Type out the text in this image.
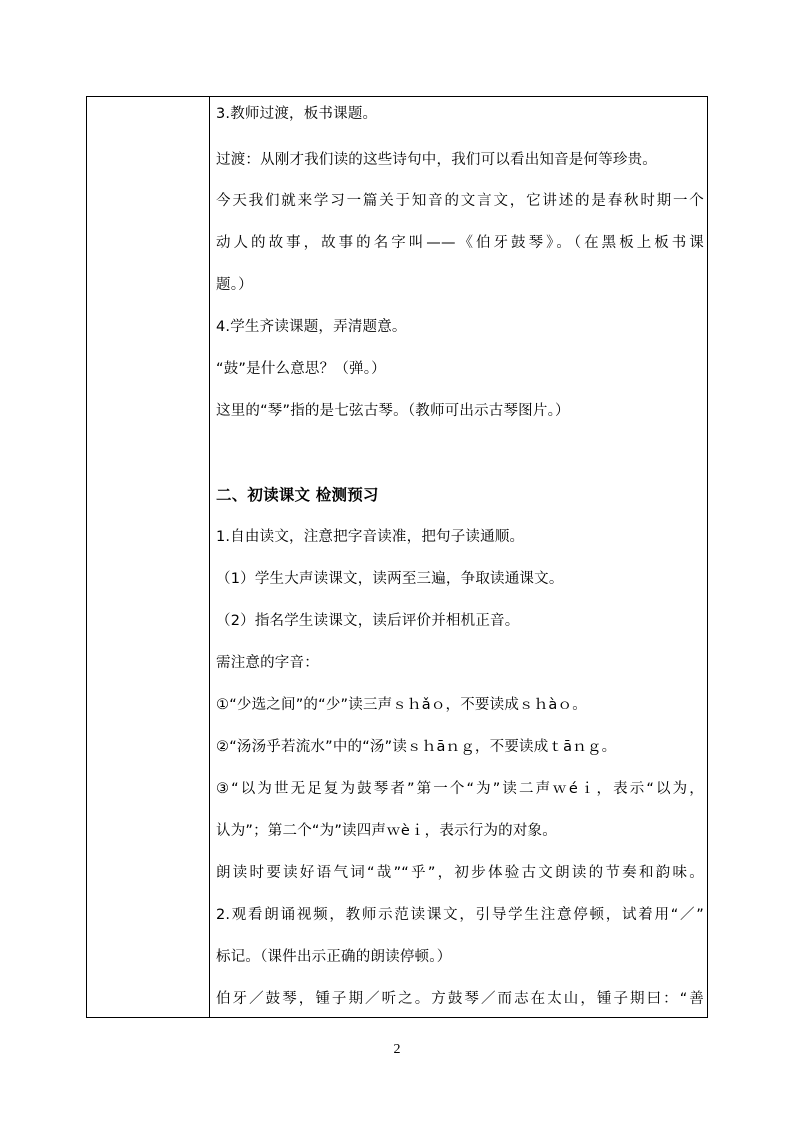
3.教师过渡，板书课题。
过渡：从刚才我们读的这些诗句中，我们可以看出知音是何等珍贵。
今天我们就来学习一篇关于知音的文言文，它讲述的是春秋时期一个
动人的故事，故事的名字叫——《伯牙鼓琴》。（在黑板上板书课
题。）
4.学生齐读课题，弄清题意。
“鼓”是什么意思？（弹。）
这里的“琴”指的是七弦古琴。（教师可出示古琴图片。）
二、初读课文 检测预习
1.自由读文，注意把字音读准，把句子读通顺。
（1）学生大声读课文，读两至三遍，争取读通课文。
（2）指名学生读课文，读后评价并相机正音。
需注意的字音：
①“少选之间”的“少”读三声ｓｈǎｏ，不要读成ｓｈàｏ。
②“汤汤乎若流水”中的“汤”读ｓｈāｎｇ，不要读成ｔāｎｇ。
③“以为世无足复为鼓琴者”第一个“为”读二声ｗéｉ，表示“以为，
认为”；第二个“为”读四声ｗèｉ，表示行为的对象。
朗读时要读好语气词“哉”“乎”，初步体验古文朗读的节奏和韵味。
2.观看朗诵视频，教师示范读课文，引导学生注意停顿，试着用“／”
标记。（课件出示正确的朗读停顿。）
伯牙／鼓琴，锺子期／听之。方鼓琴／而志在太山，锺子期曰：“善
2
